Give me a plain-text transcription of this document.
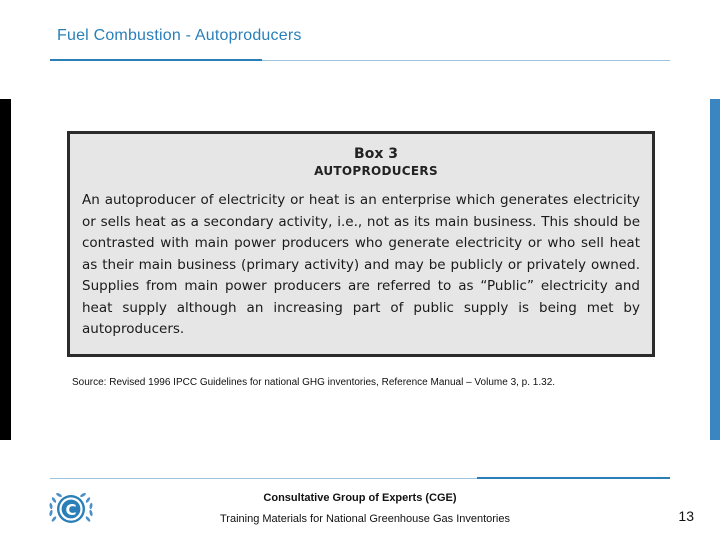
Fuel Combustion - Autoproducers
Box 3
AUTOPRODUCERS
An autoproducer of electricity or heat is an enterprise which generates electricity or sells heat as a secondary activity, i.e., not as its main business. This should be contrasted with main power producers who generate electricity or who sell heat as their main business (primary activity) and may be publicly or privately owned. Supplies from main power producers are referred to as “Public” electricity and heat supply although an increasing part of public supply is being met by autoproducers.
Source: Revised 1996 IPCC Guidelines for national GHG inventories, Reference Manual – Volume 3, p. 1.32.
C
Consultative Group of Experts (CGE)
Training Materials for National Greenhouse Gas Inventories	13
